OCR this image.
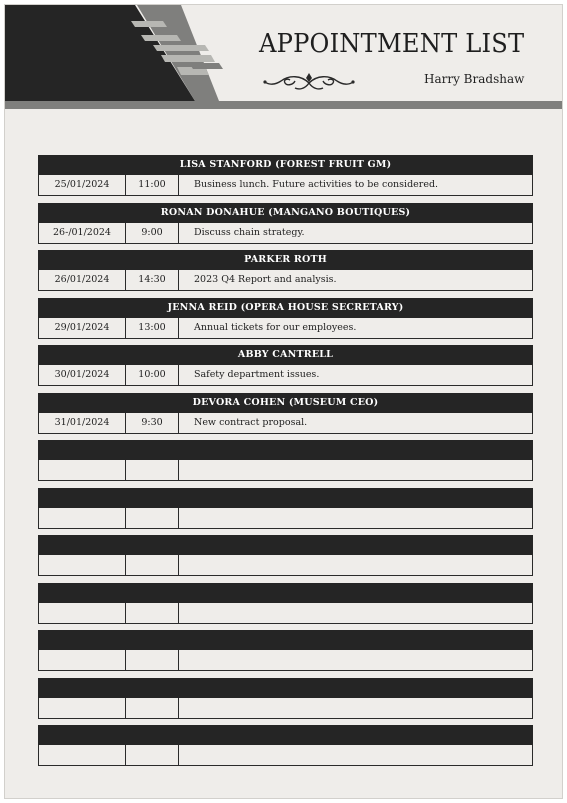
APPOINTMENT LIST
Harry Bradshaw
LISA STANFORD (FOREST FRUIT GM)
25/01/2024	11:00	Business lunch. Future activities to be considered.
RONAN DONAHUE (MANGANO BOUTIQUES)
26-/01/2024	9:00	Discuss chain strategy.
PARKER ROTH
26/01/2024	14:30	2023 Q4 Report and analysis.
JENNA REID (OPERA HOUSE SECRETARY)
29/01/2024	13:00	Annual tickets for our employees.
ABBY CANTRELL
30/01/2024	10:00	Safety department issues.
DEVORA COHEN (MUSEUM CEO)
31/01/2024	9:30	New contract proposal.
